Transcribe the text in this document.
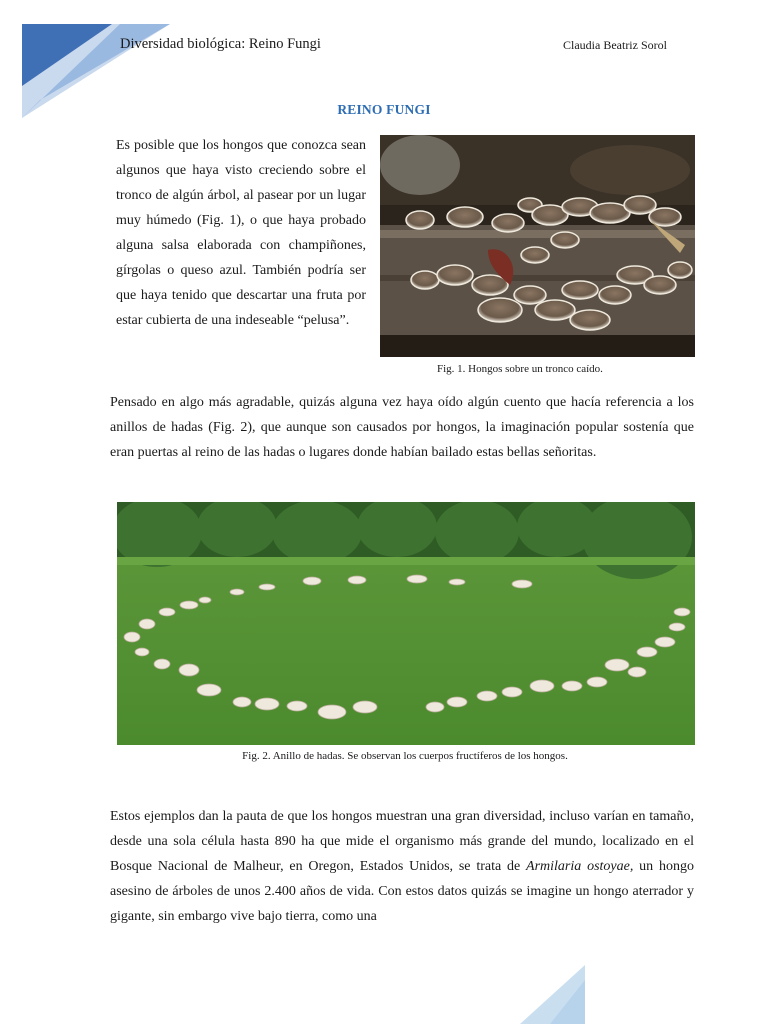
Diversidad biológica: Reino Fungi	Claudia Beatriz Sorol
REINO FUNGI

Es posible que los hongos que conozca sean algunos que haya visto creciendo sobre el tronco de algún árbol, al pasear por un lugar muy húmedo (Fig. 1), o que haya probado alguna salsa elaborada con champiñones, gírgolas o queso azul. También podría ser que haya tenido que descartar una fruta por estar cubierta de una indeseable “pelusa”.

Fig. 1. Hongos sobre un tronco caído.

Pensado en algo más agradable, quizás alguna vez haya oído algún cuento que hacía referencia a los anillos de hadas (Fig. 2), que aunque son causados por hongos, la imaginación popular sostenía que eran puertas al reino de las hadas o lugares donde habían bailado estas bellas señoritas.

Fig. 2. Anillo de hadas. Se observan los cuerpos fructíferos de los hongos.

Estos ejemplos dan la pauta de que los hongos muestran una gran diversidad, incluso varían en tamaño, desde una sola célula hasta 890 ha que mide el organismo más grande del mundo, localizado en el Bosque Nacional de Malheur, en Oregon, Estados Unidos, se trata de Armilaria ostoyae, un hongo asesino de árboles de unos 2.400 años de vida. Con estos datos quizás se imagine un hongo aterrador y gigante, sin embargo vive bajo tierra, como una
